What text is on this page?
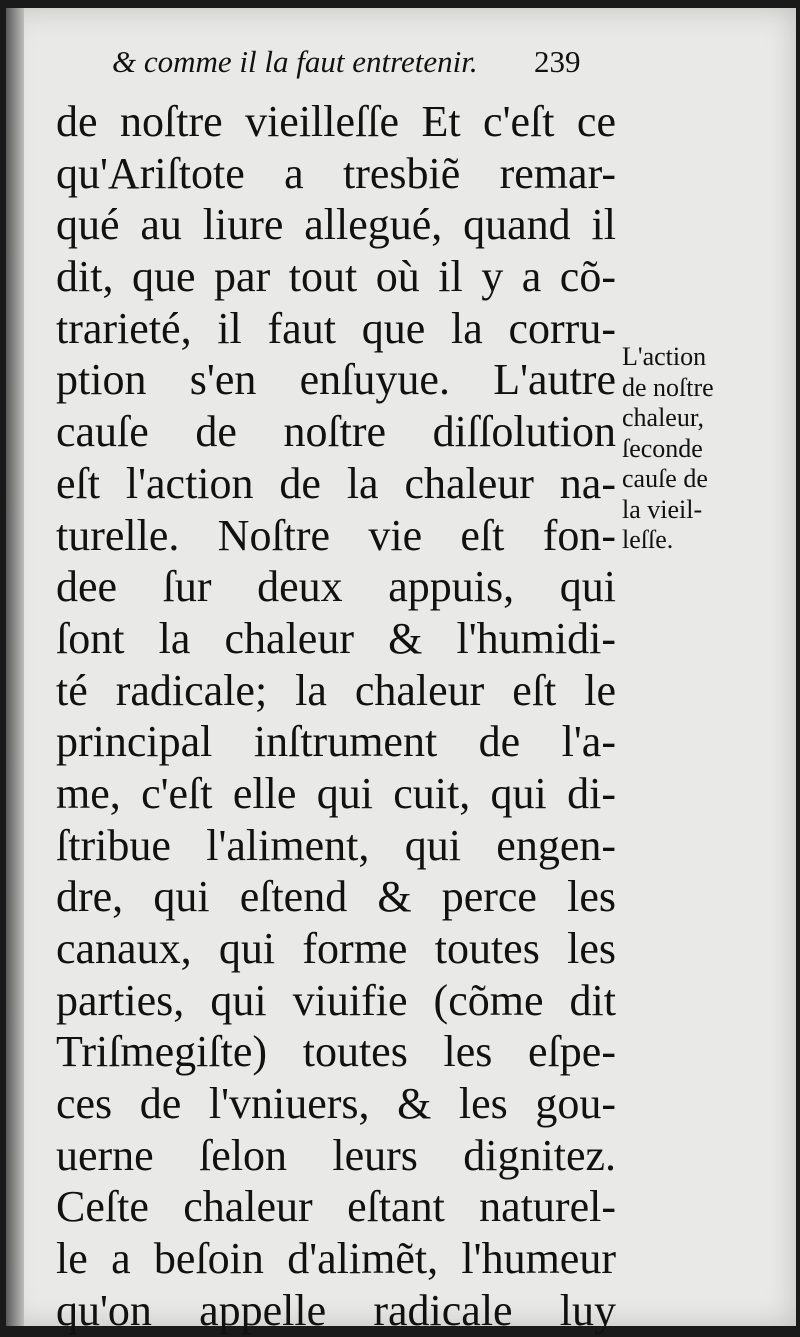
& comme il la faut entretenir. 239
de noſtre vieilleſſe Et c'eſt ce
qu'Ariſtote a tresbiẽ remar-
qué au liure allegué, quand il
dit, que par tout où il y a cõ-
trarieté, il faut que la corru-
ption s'en enſuyue. L'autre
cauſe de noſtre diſſolution
eſt l'action de la chaleur na-
turelle. Noſtre vie eſt fon-
dee ſur deux appuis, qui
ſont la chaleur & l'humidi-
té radicale; la chaleur eſt le
principal inſtrument de l'a-
me, c'eſt elle qui cuit, qui di-
ſtribue l'aliment, qui engen-
dre, qui eſtend & perce les
canaux, qui forme toutes les
parties, qui viuifie (cõme dit
Triſmegiſte) toutes les eſpe-
ces de l'vniuers, & les gou-
uerne ſelon leurs dignitez.
Ceſte chaleur eſtant naturel-
le a beſoin d'alimẽt, l'humeur
qu'on appelle radicale luy
L'action
de noſtre
chaleur,
ſeconde
cauſe de
la vieil-
leſſe.
